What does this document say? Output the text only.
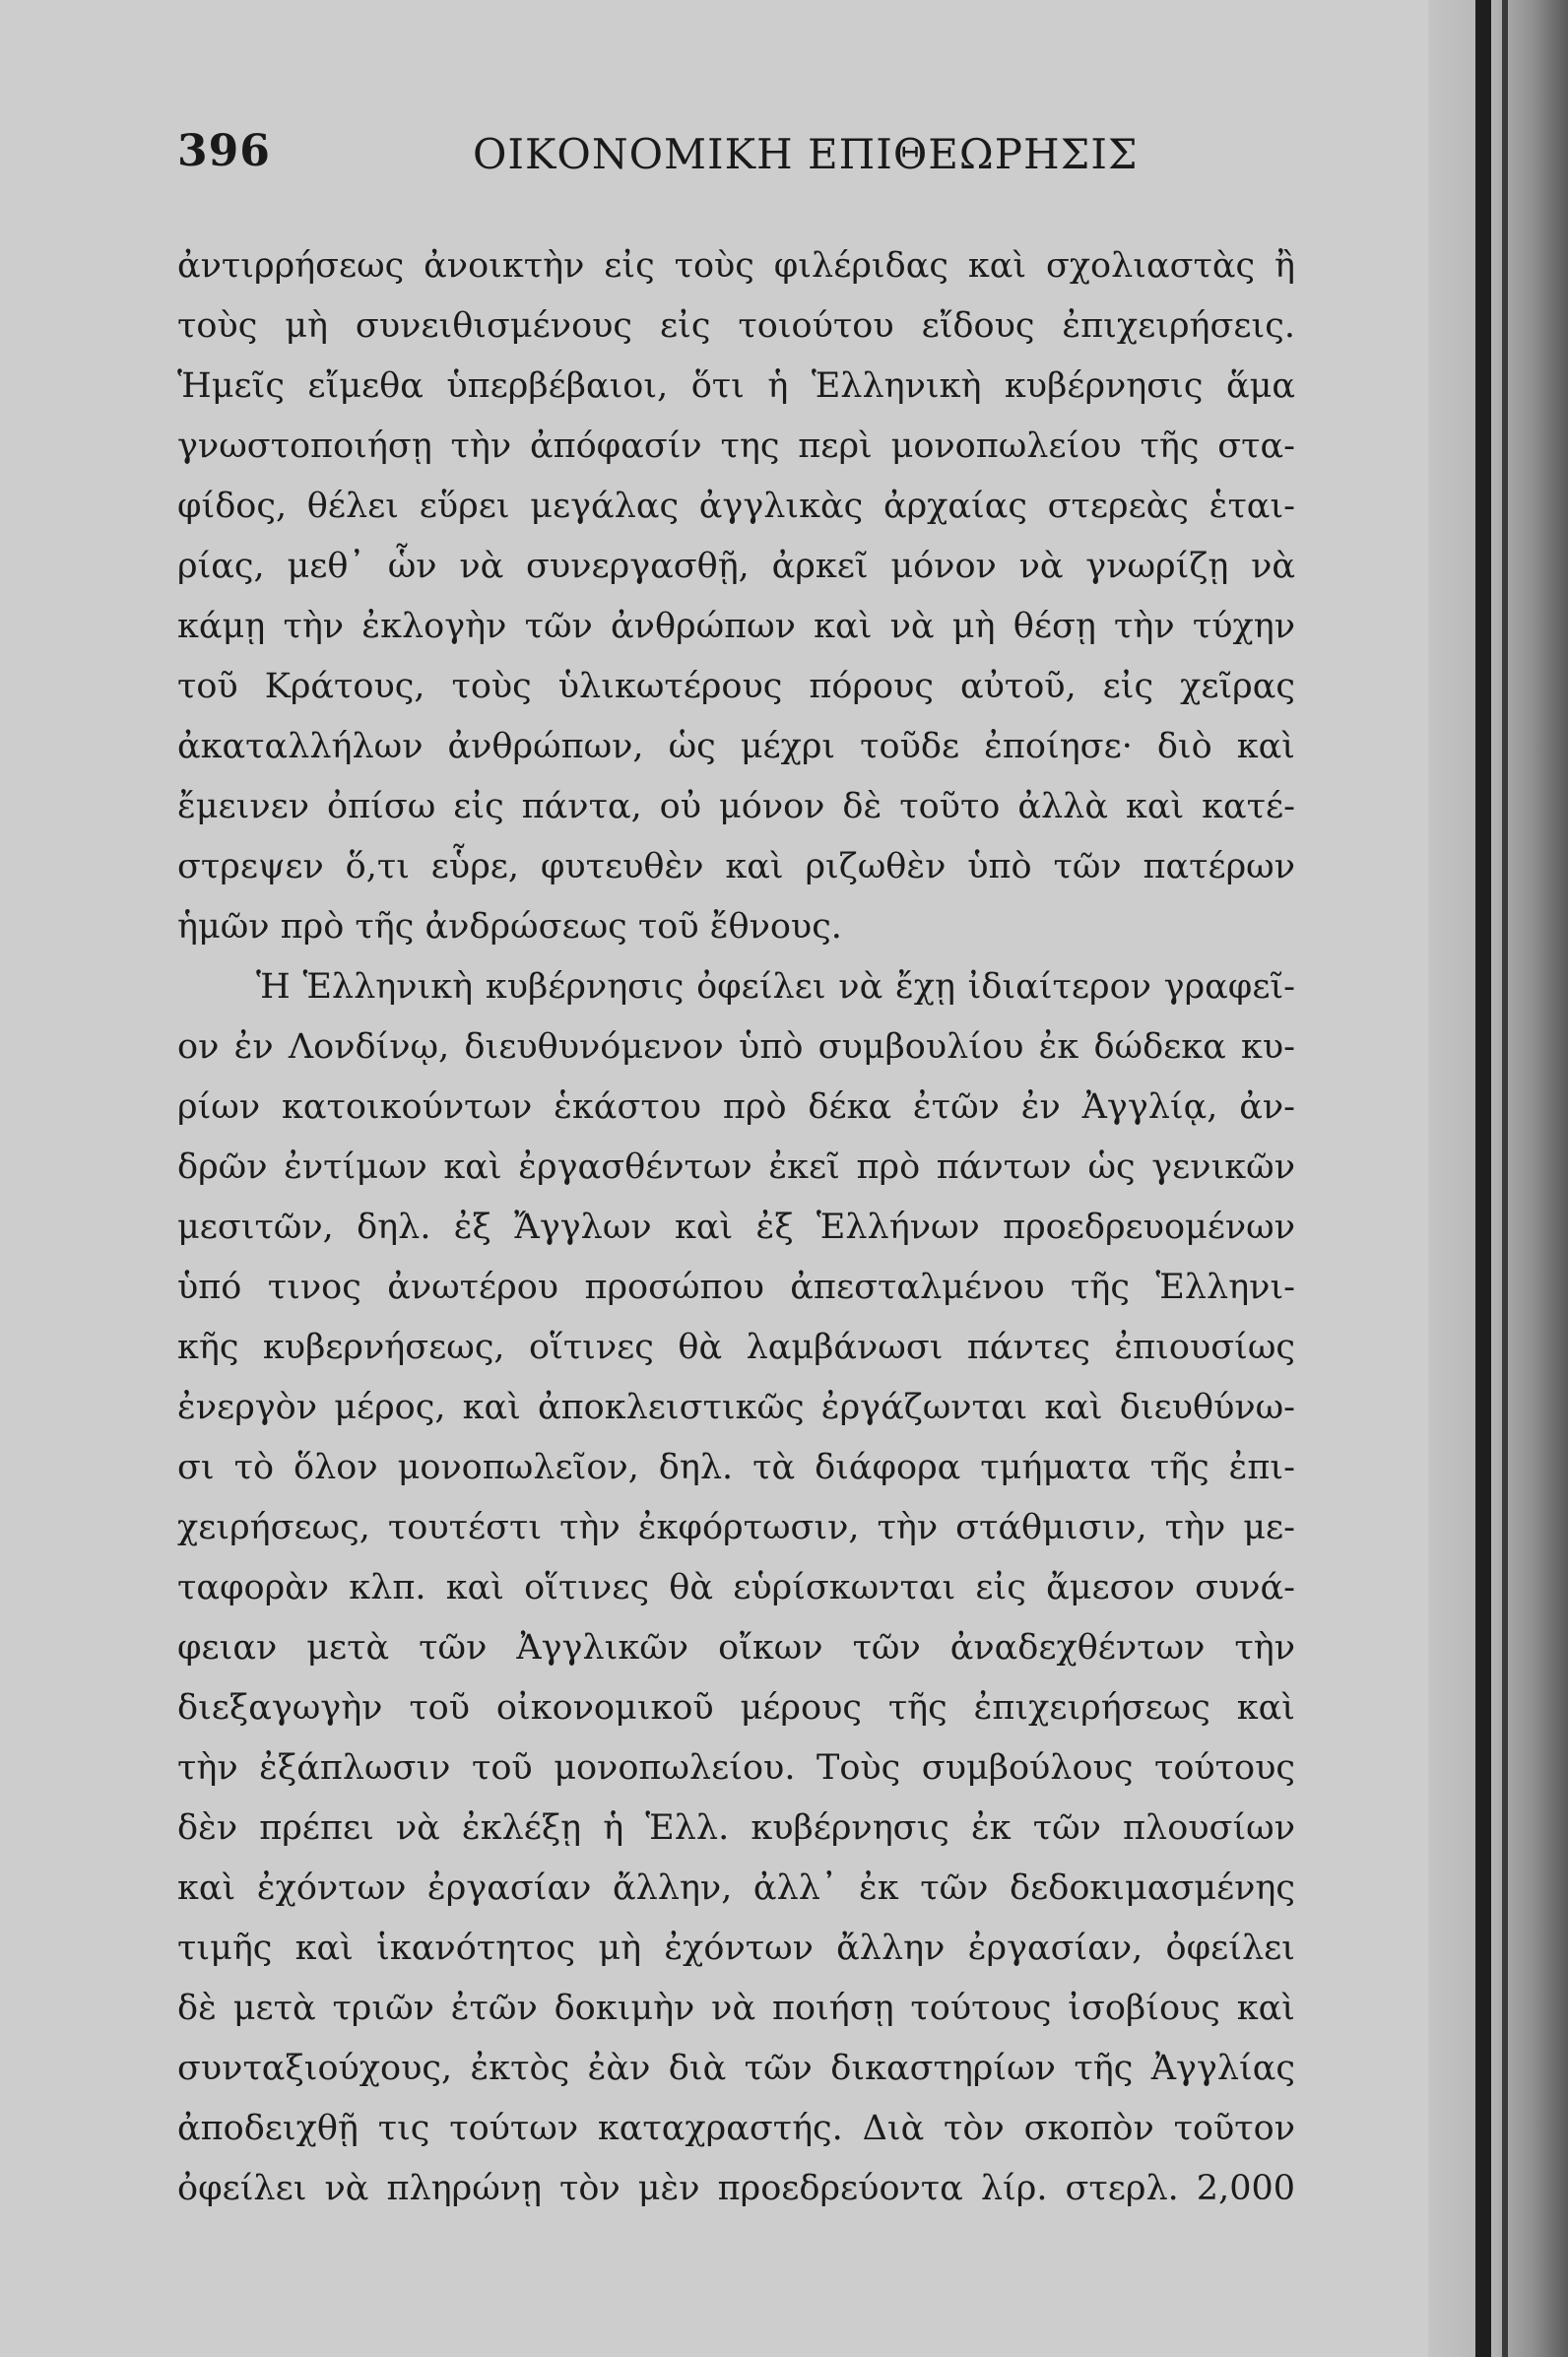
396	ΟΙΚΟΝΟΜΙΚΗ ΕΠΙΘΕΩΡΗΣΙΣ
ἀντιρρήσεως ἀνοικτὴν εἰς τοὺς φιλέριδας καὶ σχολιαστὰς ἢ
τοὺς μὴ συνειθισμένους εἰς τοιούτου εἴδους ἐπιχειρήσεις.
Ἡμεῖς εἴμεθα ὑπερβέβαιοι, ὅτι ἡ Ἑλληνικὴ κυβέρνησις ἅμα
γνωστοποιήσῃ τὴν ἀπόφασίν της περὶ μονοπωλείου τῆς στα-
φίδος, θέλει εὕρει μεγάλας ἀγγλικὰς ἀρχαίας στερεὰς ἑται-
ρίας, μεθ᾽ ὧν νὰ συνεργασθῇ, ἀρκεῖ μόνον νὰ γνωρίζῃ νὰ
κάμῃ τὴν ἐκλογὴν τῶν ἀνθρώπων καὶ νὰ μὴ θέσῃ τὴν τύχην
τοῦ Κράτους, τοὺς ὑλικωτέρους πόρους αὐτοῦ, εἰς χεῖρας
ἀκαταλλήλων ἀνθρώπων, ὡς μέχρι τοῦδε ἐποίησε· διὸ καὶ
ἔμεινεν ὀπίσω εἰς πάντα, οὐ μόνον δὲ τοῦτο ἀλλὰ καὶ κατέ-
στρεψεν ὅ,τι εὗρε, φυτευθὲν καὶ ριζωθὲν ὑπὸ τῶν πατέρων
ἡμῶν πρὸ τῆς ἀνδρώσεως τοῦ ἔθνους.
Ἡ Ἑλληνικὴ κυβέρνησις ὀφείλει νὰ ἔχῃ ἰδιαίτερον γραφεῖ-
ον ἐν Λονδίνῳ, διευθυνόμενον ὑπὸ συμβουλίου ἐκ δώδεκα κυ-
ρίων κατοικούντων ἑκάστου πρὸ δέκα ἐτῶν ἐν Ἀγγλίᾳ, ἀν-
δρῶν ἐντίμων καὶ ἐργασθέντων ἐκεῖ πρὸ πάντων ὡς γενικῶν
μεσιτῶν, δηλ. ἐξ Ἄγγλων καὶ ἐξ Ἑλλήνων προεδρευομένων
ὑπό τινος ἀνωτέρου προσώπου ἀπεσταλμένου τῆς Ἑλληνι-
κῆς κυβερνήσεως, οἵτινες θὰ λαμβάνωσι πάντες ἐπιουσίως
ἐνεργὸν μέρος, καὶ ἀποκλειστικῶς ἐργάζωνται καὶ διευθύνω-
σι τὸ ὅλον μονοπωλεῖον, δηλ. τὰ διάφορα τμήματα τῆς ἐπι-
χειρήσεως, τουτέστι τὴν ἐκφόρτωσιν, τὴν στάθμισιν, τὴν με-
ταφορὰν κλπ. καὶ οἵτινες θὰ εὑρίσκωνται εἰς ἄμεσον συνά-
φειαν μετὰ τῶν Ἀγγλικῶν οἴκων τῶν ἀναδεχθέντων τὴν
διεξαγωγὴν τοῦ οἰκονομικοῦ μέρους τῆς ἐπιχειρήσεως καὶ
τὴν ἐξάπλωσιν τοῦ μονοπωλείου. Τοὺς συμβούλους τούτους
δὲν πρέπει νὰ ἐκλέξῃ ἡ Ἑλλ. κυβέρνησις ἐκ τῶν πλουσίων
καὶ ἐχόντων ἐργασίαν ἄλλην, ἀλλ᾽ ἐκ τῶν δεδοκιμασμένης
τιμῆς καὶ ἱκανότητος μὴ ἐχόντων ἄλλην ἐργασίαν, ὀφείλει
δὲ μετὰ τριῶν ἐτῶν δοκιμὴν νὰ ποιήσῃ τούτους ἰσοβίους καὶ
συνταξιούχους, ἐκτὸς ἐὰν διὰ τῶν δικαστηρίων τῆς Ἀγγλίας
ἀποδειχθῇ τις τούτων καταχραστής. Διὰ τὸν σκοπὸν τοῦτον
ὀφείλει νὰ πληρώνῃ τὸν μὲν προεδρεύοντα λίρ. στερλ. 2,000
